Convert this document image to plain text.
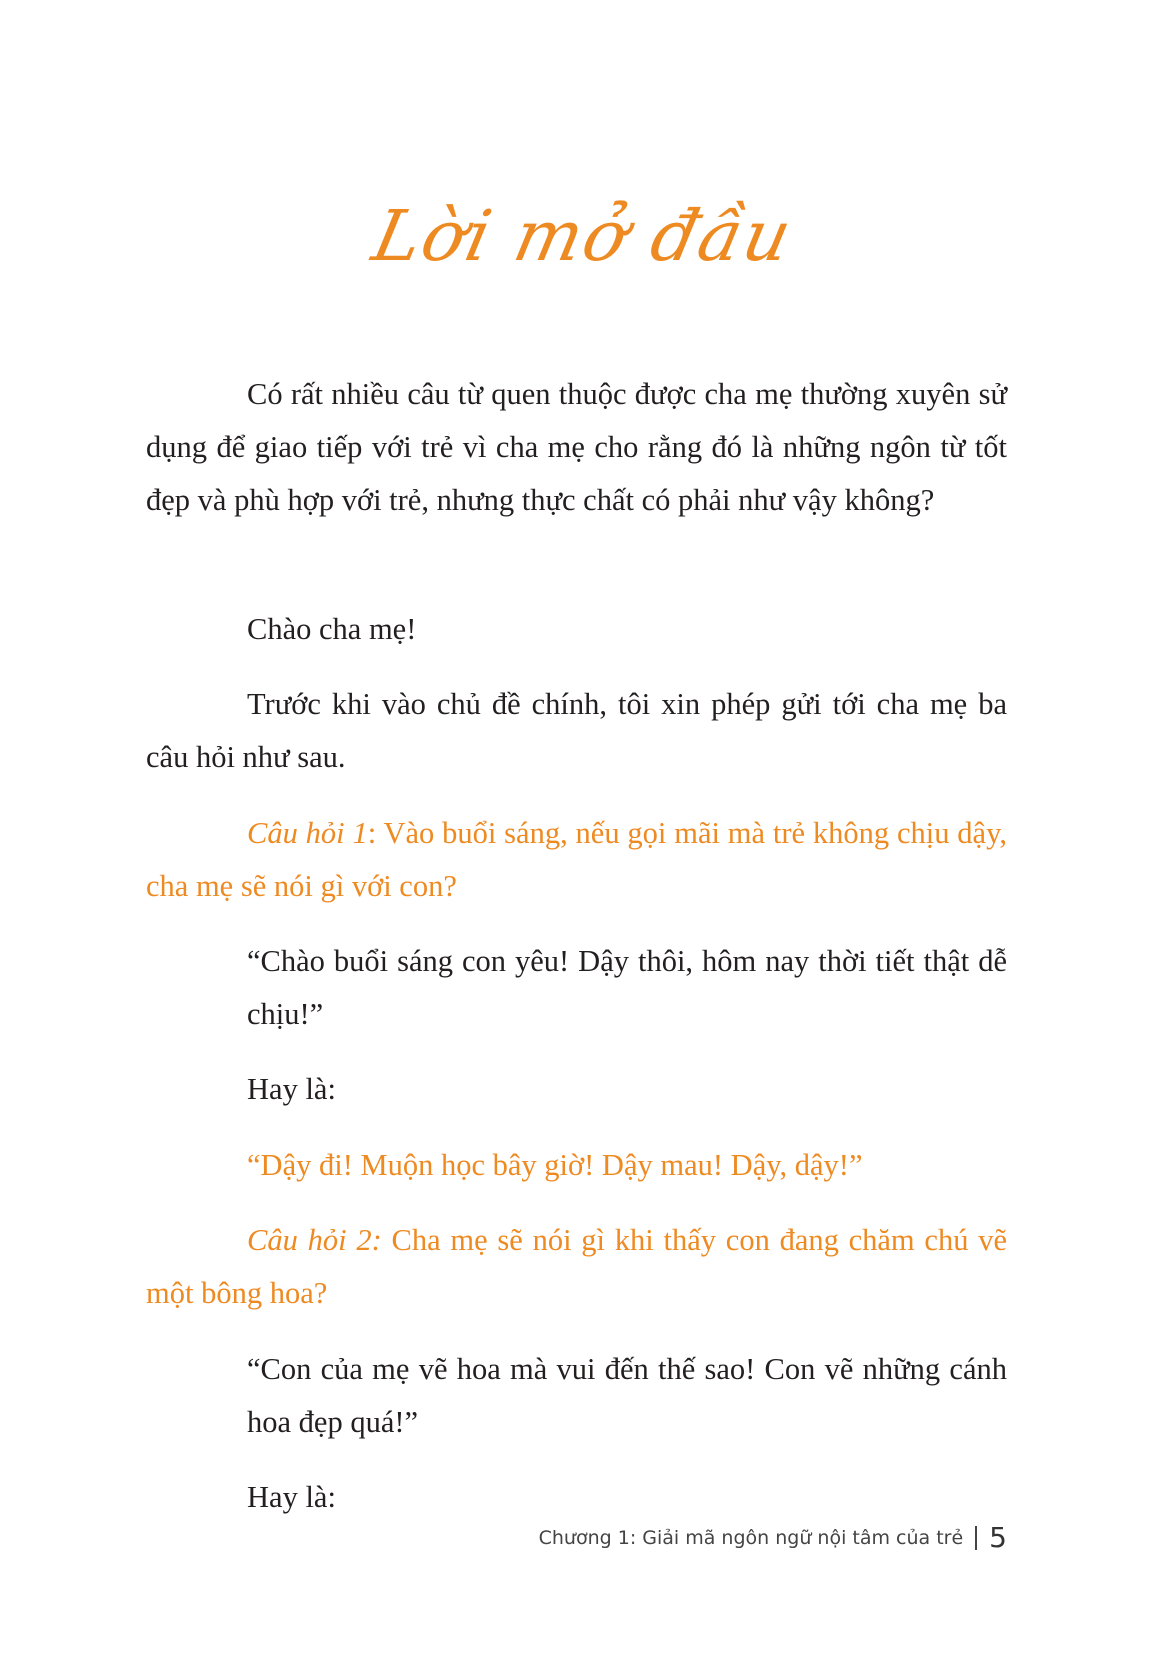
Lời mở đầu
Có rất nhiều câu từ quen thuộc được cha mẹ thường xuyên sử dụng để giao tiếp với trẻ vì cha mẹ cho rằng đó là những ngôn từ tốt đẹp và phù hợp với trẻ, nhưng thực chất có phải như vậy không?
Chào cha mẹ!
Trước khi vào chủ đề chính, tôi xin phép gửi tới cha mẹ ba câu hỏi như sau.
Câu hỏi 1: Vào buổi sáng, nếu gọi mãi mà trẻ không chịu dậy, cha mẹ sẽ nói gì với con?
“Chào buổi sáng con yêu! Dậy thôi, hôm nay thời tiết thật dễ chịu!”
Hay là:
“Dậy đi! Muộn học bây giờ! Dậy mau! Dậy, dậy!”
Câu hỏi 2: Cha mẹ sẽ nói gì khi thấy con đang chăm chú vẽ một bông hoa?
“Con của mẹ vẽ hoa mà vui đến thế sao! Con vẽ những cánh hoa đẹp quá!”
Hay là:
Chương 1: Giải mã ngôn ngữ nội tâm của trẻ 5
